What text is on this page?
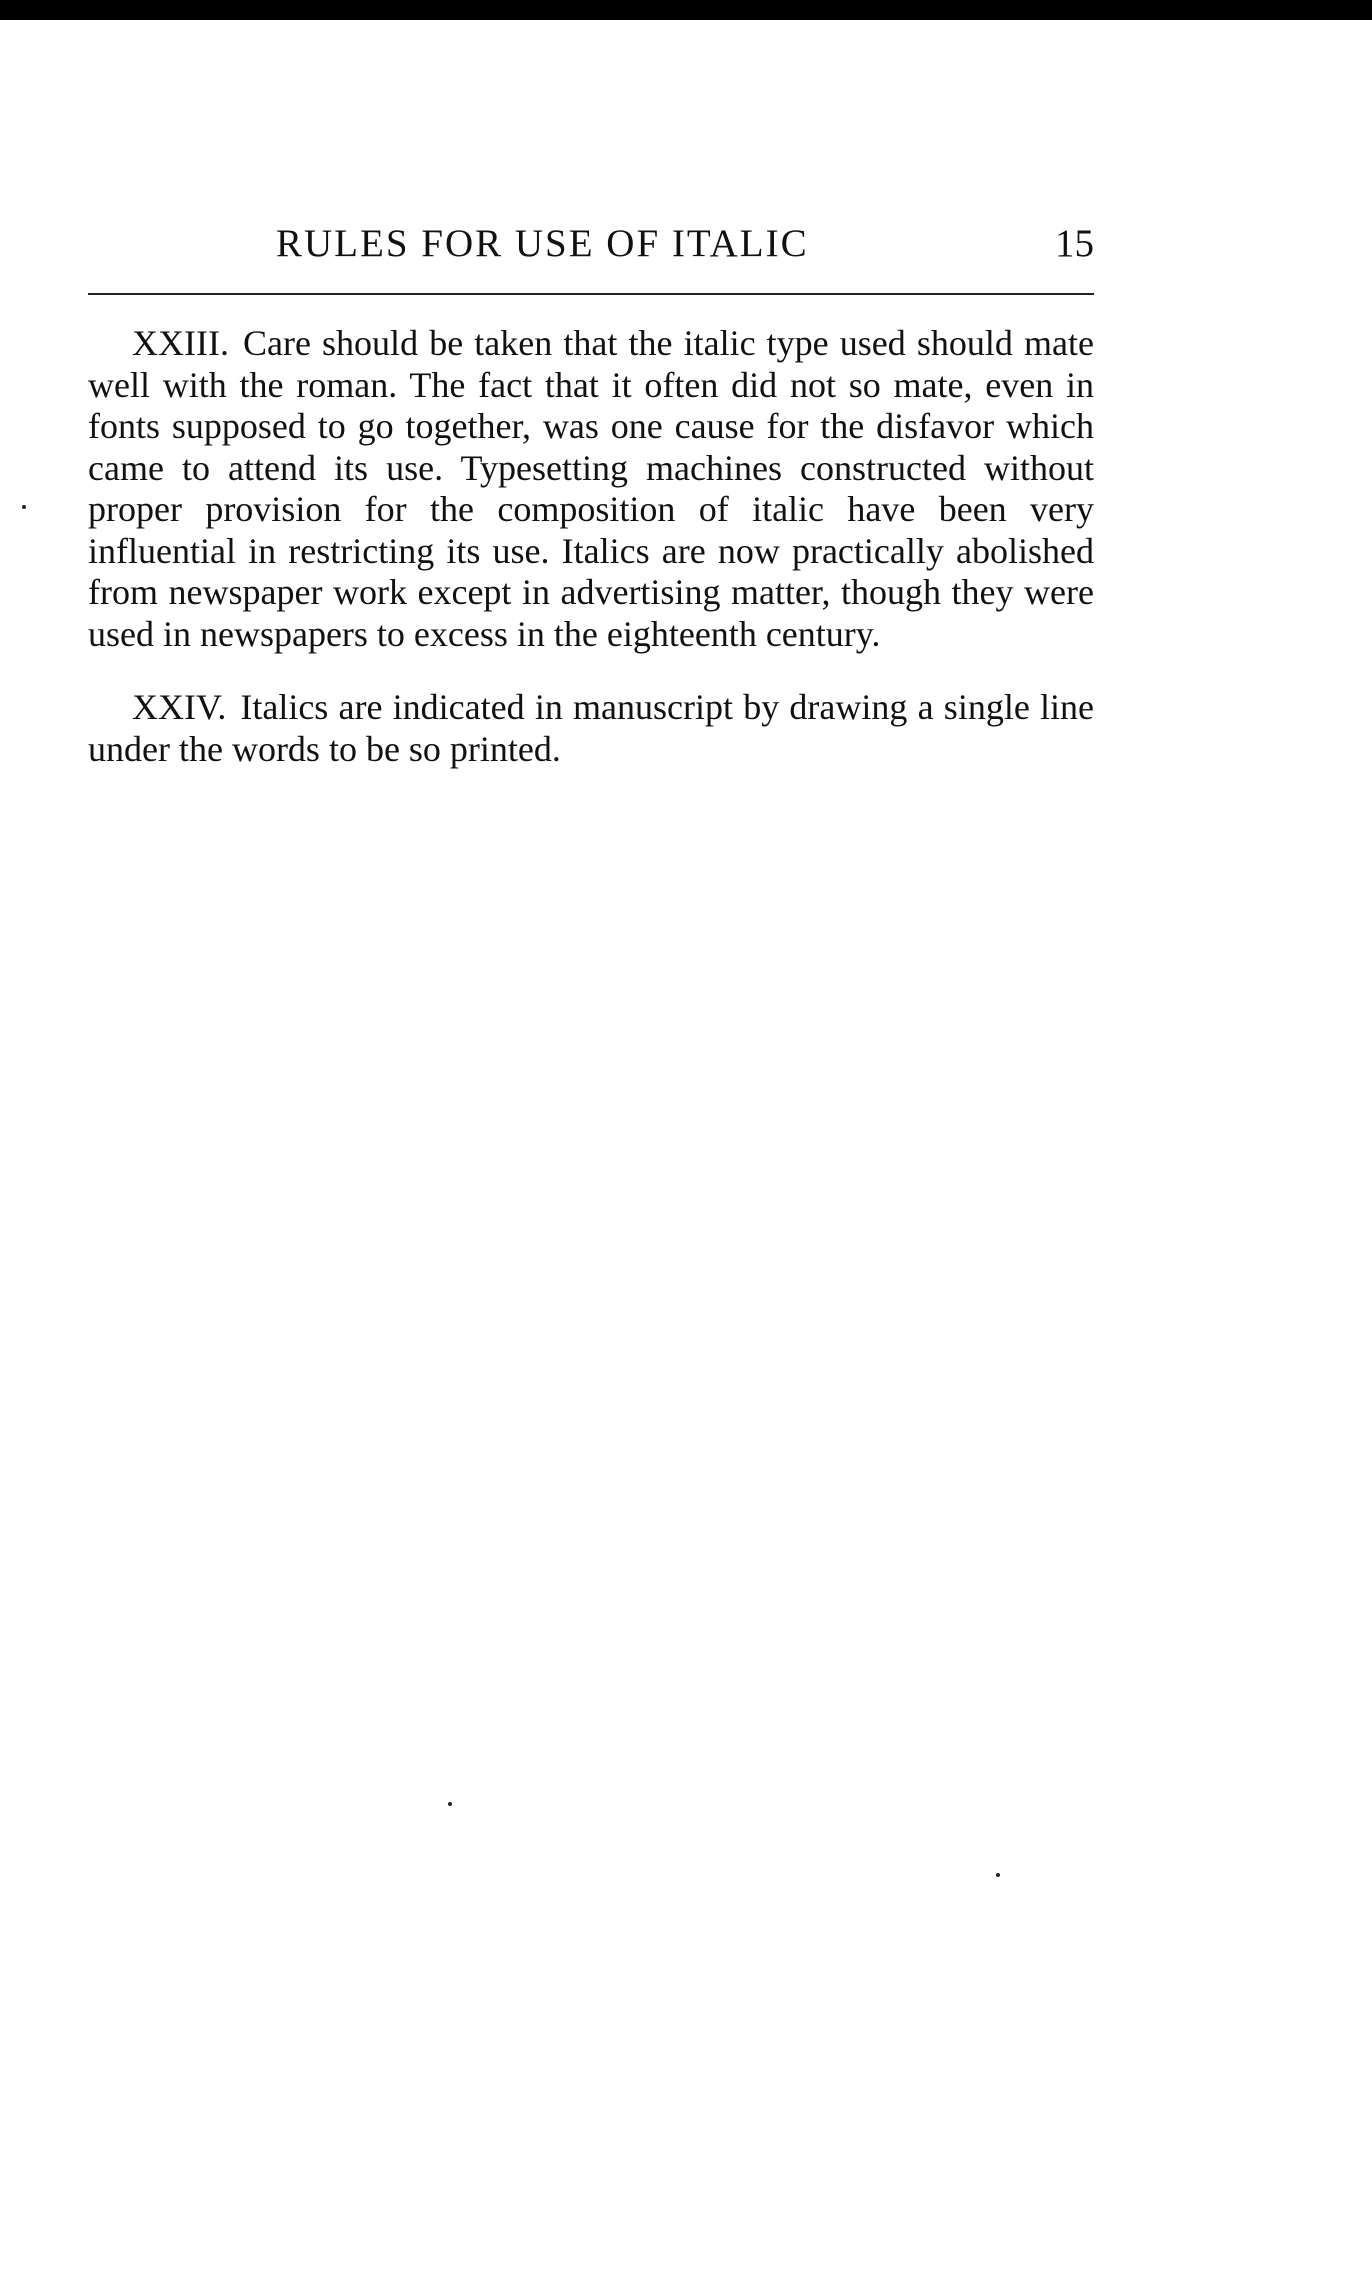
RULES FOR USE OF ITALIC	15

XXIII. Care should be taken that the italic type used should mate well with the roman. The fact that it often did not so mate, even in fonts supposed to go together, was one cause for the disfavor which came to attend its use. Typesetting machines constructed without proper provision for the composition of italic have been very influential in restricting its use. Italics are now practically abolished from newspaper work except in advertising matter, though they were used in newspapers to excess in the eighteenth century.

XXIV. Italics are indicated in manuscript by drawing a single line under the words to be so printed.
